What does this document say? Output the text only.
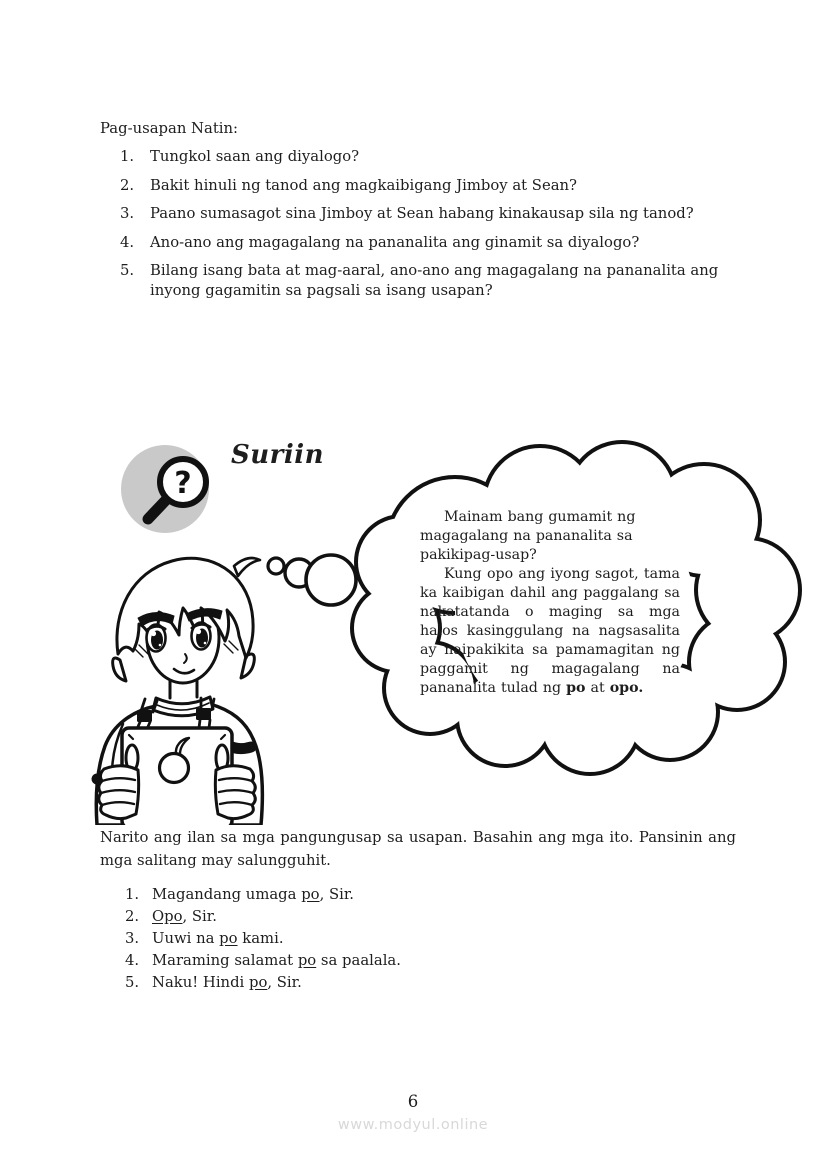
Pag-usapan Natin:
1.	Tungkol saan ang diyalogo?
2.	Bakit hinuli ng tanod ang magkaibigang Jimboy at Sean?
3.	Paano sumasagot sina Jimboy at Sean habang kinakausap sila ng tanod?
4.	Ano-ano ang magagalang na pananalita ang ginamit sa diyalogo?
5.	Bilang isang bata at mag-aaral, ano-ano ang magagalang na pananalita ang inyong gagamitin sa pagsali sa isang usapan?
?
Suriin

Mainam bang gumamit ng magagalang na pananalita sa pakikipag-usap?

Kung opo ang iyong sagot, tama ka kaibigan dahil ang paggalang sa nakatatanda o maging sa mga halos kasinggulang na nagsasalita ay naipakikita sa pamamagitan ng paggamit ng magagalang na pananalita tulad ng po at opo.

Narito ang ilan sa mga pangungusap sa usapan. Basahin ang mga ito. Pansinin ang mga salitang may salungguhit.
1. Magandang umaga po, Sir.
2. Opo, Sir.
3. Uuwi na po kami.
4. Maraming salamat po sa paalala.
5. Naku! Hindi po, Sir.
6
www.modyul.online
